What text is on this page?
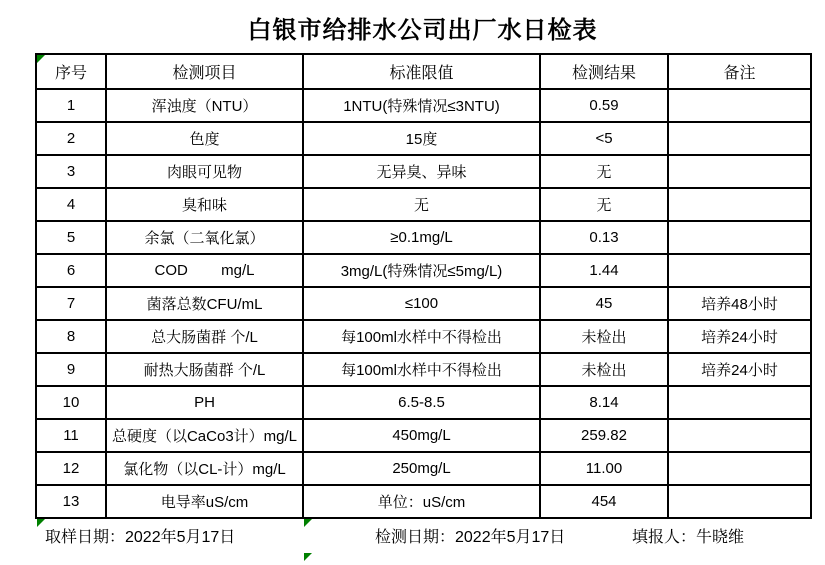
白银市给排水公司出厂水日检表
序号	检测项目	标准限值	检测结果	备注
1	浑浊度（NTU）	1NTU(特殊情况≤3NTU)	0.59	
2	色度	15度	<5	
3	肉眼可见物	无异臭、异味	无	
4	臭和味	无	无	
5	余氯（二氧化氯）	≥0.1mg/L	0.13	
6	COD        mg/L	3mg/L(特殊情况≤5mg/L)	1.44	
7	菌落总数CFU/mL	≤100	45	培养48小时
8	总大肠菌群 个/L	每100ml水样中不得检出	未检出	培养24小时
9	耐热大肠菌群 个/L	每100ml水样中不得检出	未检出	培养24小时
10	PH	6.5-8.5	8.14	
11	总硬度（以CaCo3计）mg/L	450mg/L	259.82	
12	氯化物（以CL-计）mg/L	250mg/L	11.00	
13	电导率uS/cm	单位：uS/cm	454	
取样日期：2022年5月17日	检测日期：2022年5月17日	填报人：牛晓维
